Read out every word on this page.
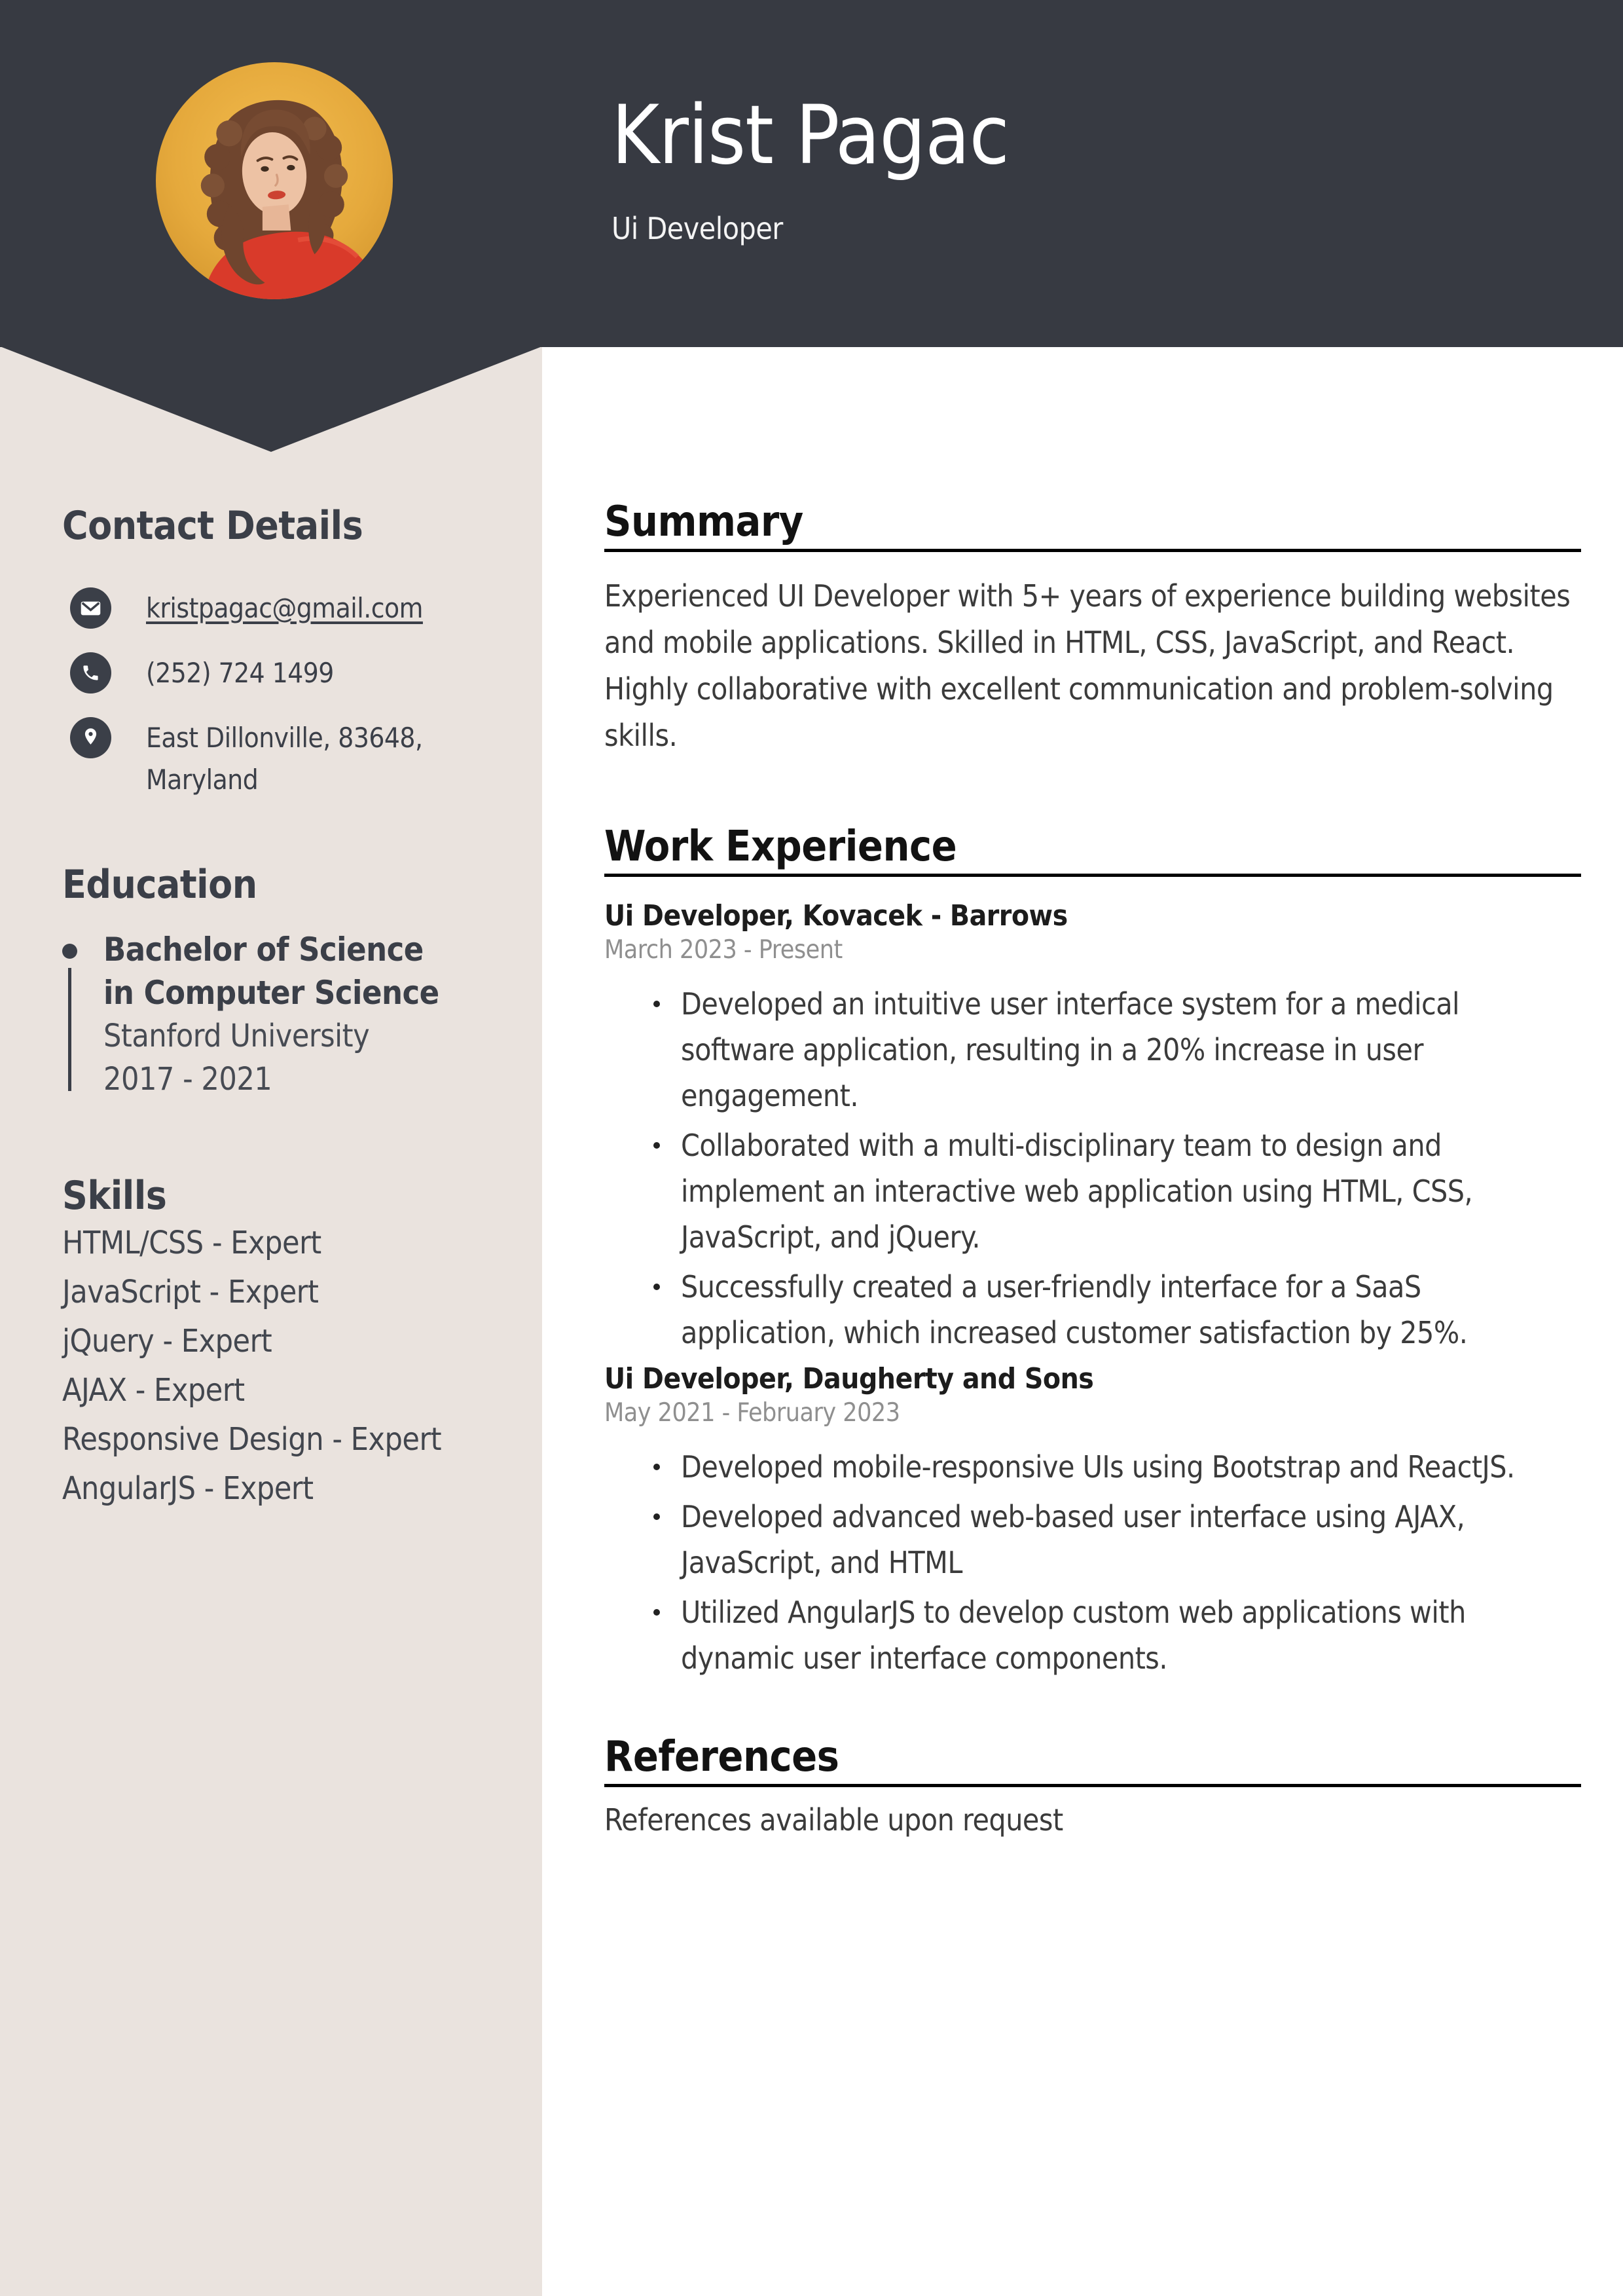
Krist Pagac
Ui Developer
Contact Details
kristpagac@gmail.com
(252) 724 1499
East Dillonville, 83648, Maryland
Education
Bachelor of Science in Computer Science
Stanford University
2017 - 2021
Skills
HTML/CSS - Expert
JavaScript - Expert
jQuery - Expert
AJAX - Expert
Responsive Design - Expert
AngularJS - Expert
Summary

Experienced UI Developer with 5+ years of experience building websites and mobile applications. Skilled in HTML, CSS, JavaScript, and React. Highly collaborative with excellent communication and problem-solving skills.

Work Experience
Ui Developer, Kovacek - Barrows
March 2023 - Present
Developed an intuitive user interface system for a medical software application, resulting in a 20% increase in user engagement.
Collaborated with a multi-disciplinary team to design and implement an interactive web application using HTML, CSS, JavaScript, and jQuery.
Successfully created a user-friendly interface for a SaaS application, which increased customer satisfaction by 25%.
Ui Developer, Daugherty and Sons
May 2021 - February 2023
Developed mobile-responsive UIs using Bootstrap and ReactJS.
Developed advanced web-based user interface using AJAX, JavaScript, and HTML
Utilized AngularJS to develop custom web applications with dynamic user interface components.
References

References available upon request
